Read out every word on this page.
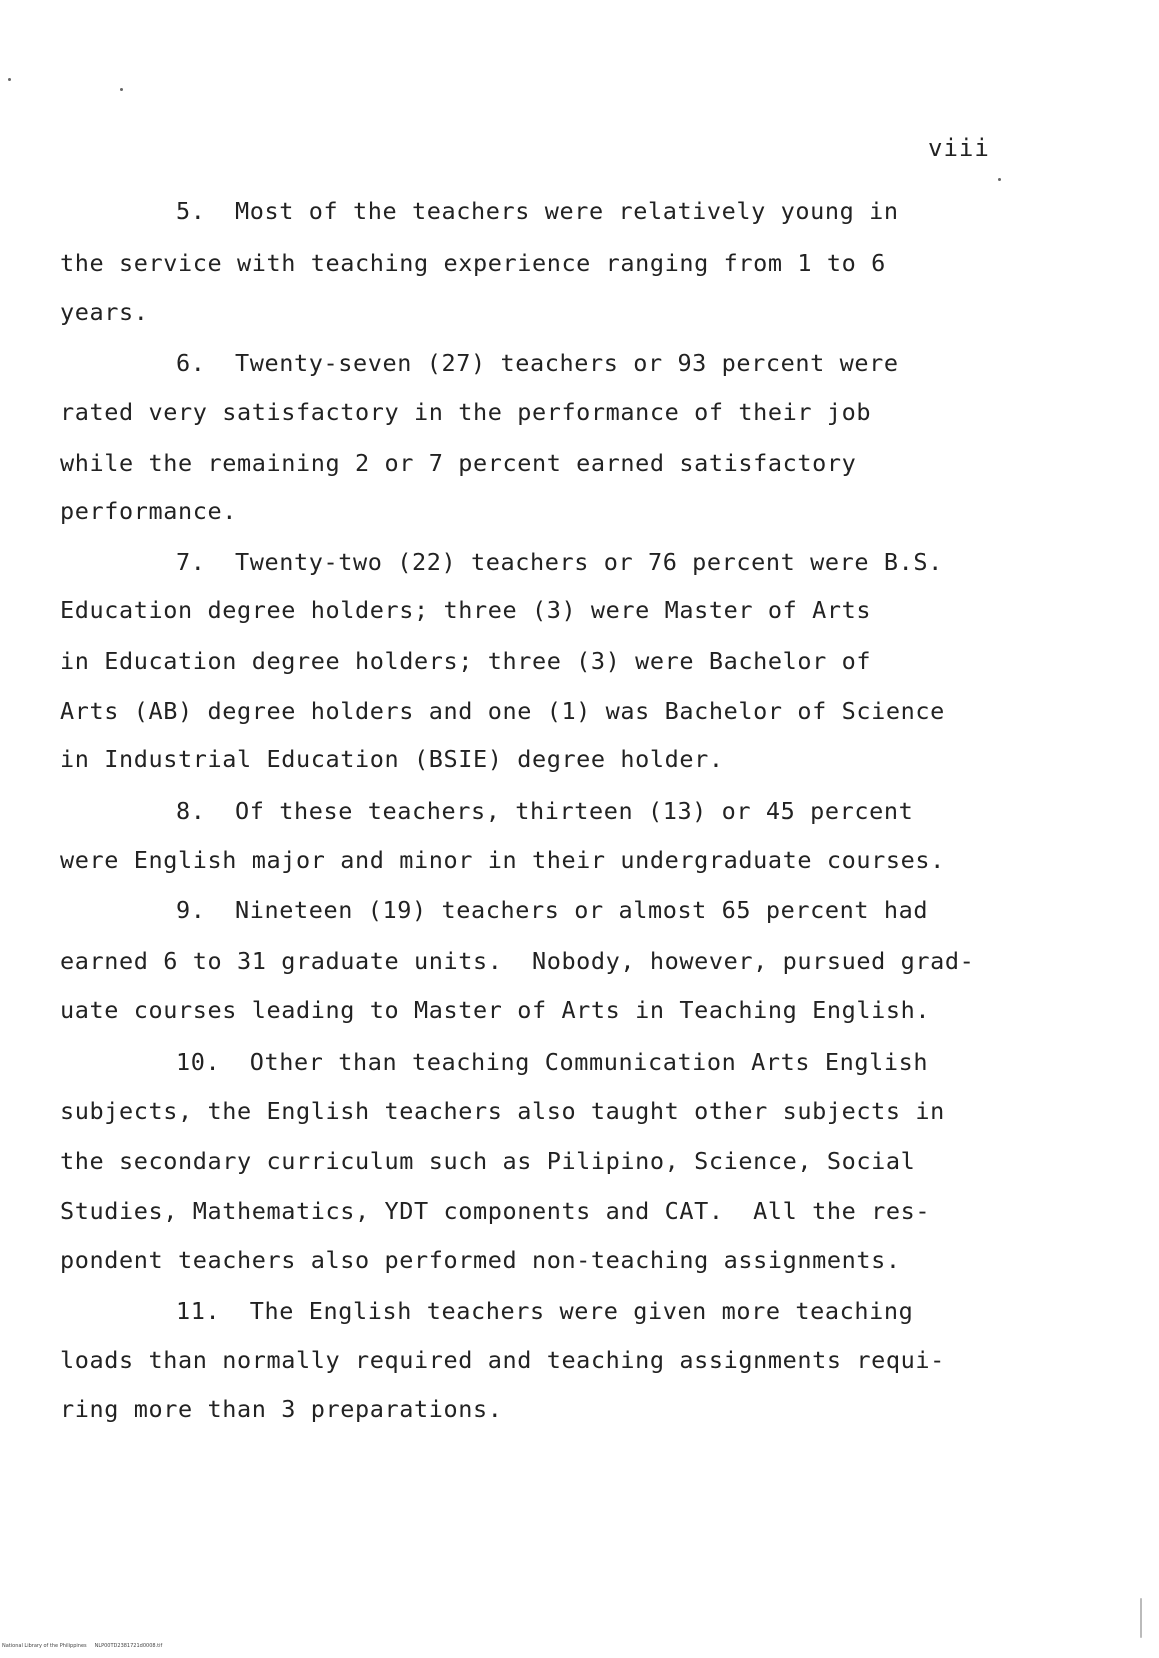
viii
5.  Most of the teachers were relatively young in
the service with teaching experience ranging from 1 to 6
years.
6.  Twenty-seven (27) teachers or 93 percent were
rated very satisfactory in the performance of their job
while the remaining 2 or 7 percent earned satisfactory
performance.
7.  Twenty-two (22) teachers or 76 percent were B.S.
Education degree holders; three (3) were Master of Arts
in Education degree holders; three (3) were Bachelor of
Arts (AB) degree holders and one (1) was Bachelor of Science
in Industrial Education (BSIE) degree holder.
8.  Of these teachers, thirteen (13) or 45 percent
were English major and minor in their undergraduate courses.
9.  Nineteen (19) teachers or almost 65 percent had
earned 6 to 31 graduate units.  Nobody, however, pursued grad-
uate courses leading to Master of Arts in Teaching English.
10.  Other than teaching Communication Arts English
subjects, the English teachers also taught other subjects in
the secondary curriculum such as Pilipino, Science, Social
Studies, Mathematics, YDT components and CAT.  All the res-
pondent teachers also performed non-teaching assignments.
11.  The English teachers were given more teaching
loads than normally required and teaching assignments requi-
ring more than 3 preparations.
National Library of the Philippines     NLP00TD2381721d0008.tif
